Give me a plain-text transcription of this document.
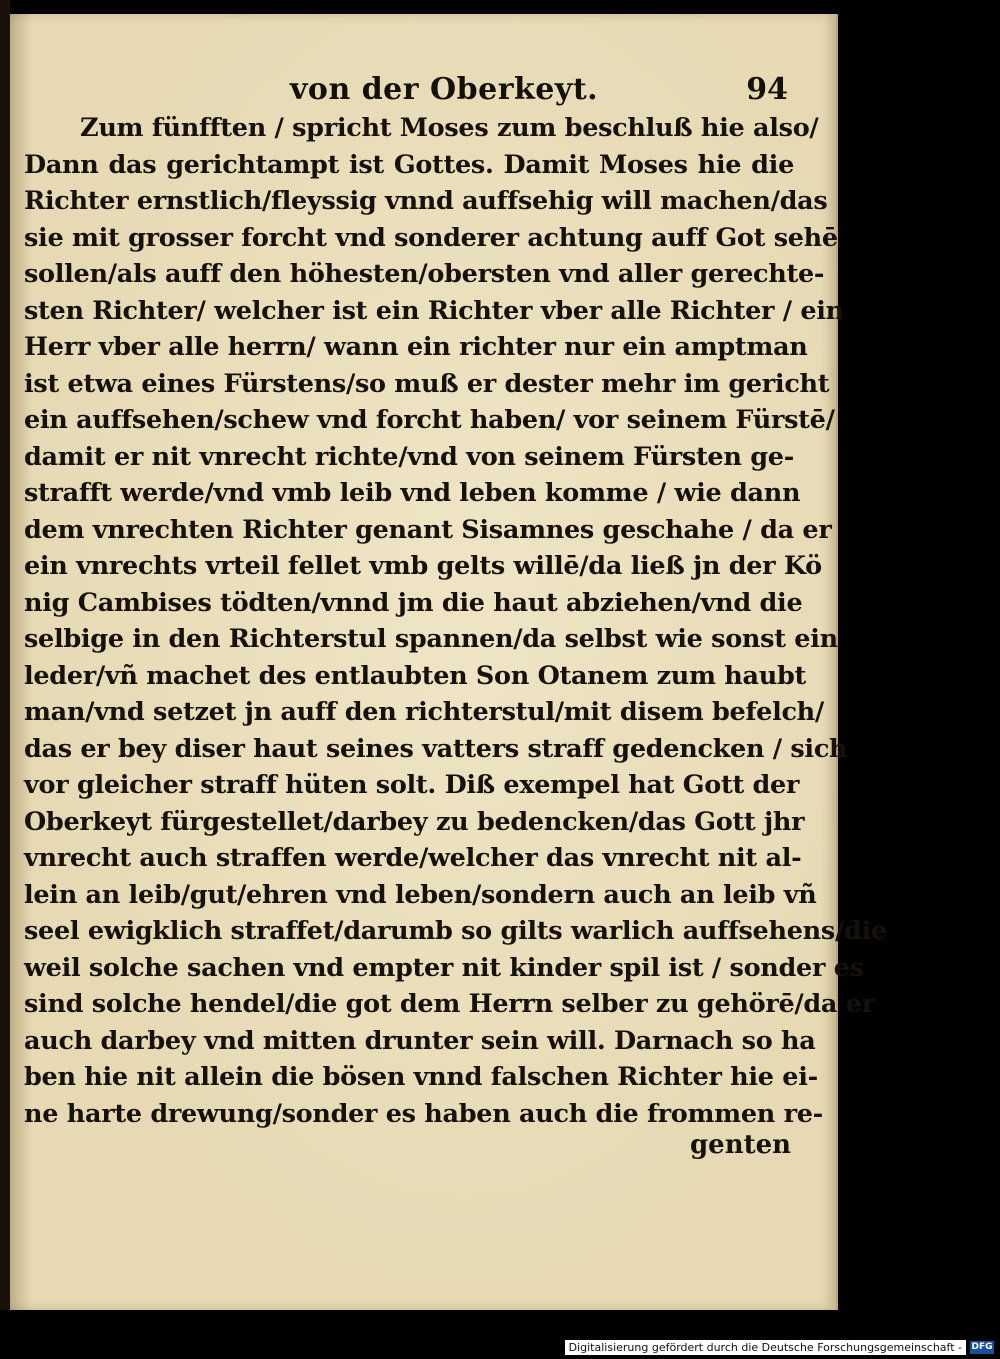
von der Oberkeyt.	94
Zum fünfften / spricht Moses zum beschluß hie also/
Dann das gerichtampt ist Gottes. Damit Moses hie die
Richter ernstlich/fleyssig vnnd auffsehig will machen/das
sie mit grosser forcht vnd sonderer achtung auff Got sehē
sollen/als auff den höhesten/obersten vnd aller gerechte-
sten Richter/ welcher ist ein Richter vber alle Richter / ein
Herr vber alle herrn/ wann ein richter nur ein amptman
ist etwa eines Fürstens/so muß er dester mehr im gericht
ein auffsehen/schew vnd forcht haben/ vor seinem Fürstē/
damit er nit vnrecht richte/vnd von seinem Fürsten ge-
strafft werde/vnd vmb leib vnd leben komme / wie dann
dem vnrechten Richter genant Sisamnes geschahe / da er
ein vnrechts vrteil fellet vmb gelts willē/da ließ jn der Kö
nig Cambises tödten/vnnd jm die haut abziehen/vnd die
selbige in den Richterstul spannen/da selbst wie sonst ein
leder/vñ machet des entlaubten Son Otanem zum haubt
man/vnd setzet jn auff den richterstul/mit disem befelch/
das er bey diser haut seines vatters straff gedencken / sich
vor gleicher straff hüten solt. Diß exempel hat Gott der
Oberkeyt fürgestellet/darbey zu bedencken/das Gott jhr
vnrecht auch straffen werde/welcher das vnrecht nit al-
lein an leib/gut/ehren vnd leben/sondern auch an leib vñ
seel ewigklich straffet/darumb so gilts warlich auffsehens/die
weil solche sachen vnd empter nit kinder spil ist / sonder es
sind solche hendel/die got dem Herrn selber zu gehörē/da er
auch darbey vnd mitten drunter sein will. Darnach so ha
ben hie nit allein die bösen vnnd falschen Richter hie ei-
ne harte drewung/sonder es haben auch die frommen re-
genten
Digitalisierung gefördert durch die Deutsche Forschungsgemeinschaft -	DFG
